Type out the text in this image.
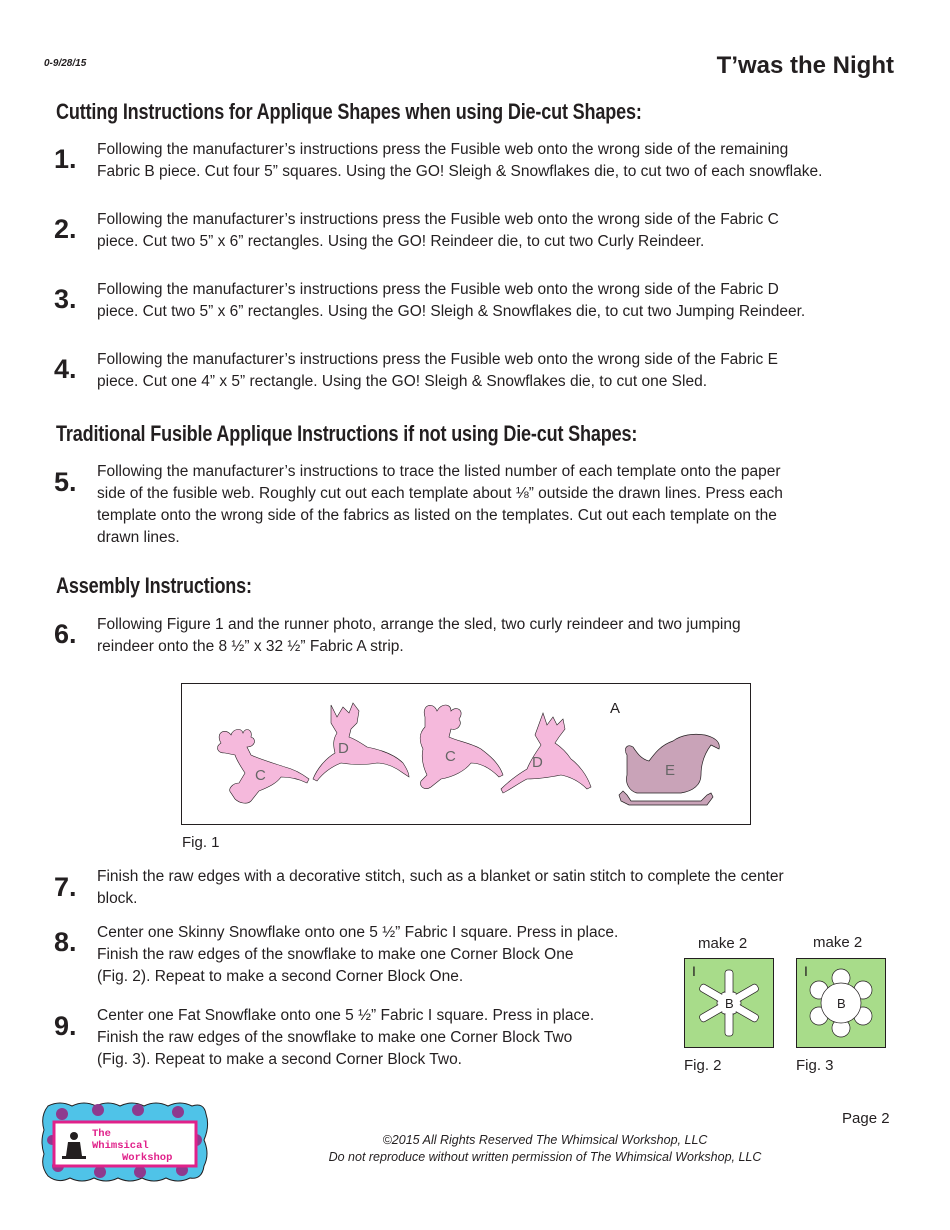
0-9/28/15	T’was the Night
Cutting Instructions for Applique Shapes when using Die-cut Shapes:
1. Following the manufacturer’s instructions press the Fusible web onto the wrong side of the remaining
Fabric B piece. Cut four 5” squares. Using the GO! Sleigh & Snowflakes die, to cut two of each snowflake.
2. Following the manufacturer’s instructions press the Fusible web onto the wrong side of the Fabric C
piece. Cut two 5” x 6” rectangles. Using the GO! Reindeer die, to cut two Curly Reindeer.
3. Following the manufacturer’s instructions press the Fusible web onto the wrong side of the Fabric D
piece. Cut two 5” x 6” rectangles. Using the GO! Sleigh & Snowflakes die, to cut two Jumping Reindeer.
4. Following the manufacturer’s instructions press the Fusible web onto the wrong side of the Fabric E
piece. Cut one 4” x 5” rectangle. Using the GO! Sleigh & Snowflakes die, to cut one Sled.
Traditional Fusible Applique Instructions if not using Die-cut Shapes:
5. Following the manufacturer’s instructions to trace the listed number of each template onto the paper
side of the fusible web. Roughly cut out each template about ⅛” outside the drawn lines. Press each
template onto the wrong side of the fabrics as listed on the templates. Cut out each template on the
drawn lines.
Assembly Instructions:
6. Following Figure 1 and the runner photo, arrange the sled, two curly reindeer and two jumping
reindeer onto the 8 ½” x 32 ½” Fabric A strip.
A
C
D	C	D	E
Fig. 1
7. Finish the raw edges with a decorative stitch, such as a blanket or satin stitch to complete the center
block.
8. Center one Skinny Snowflake onto one 5 ½” Fabric I square. Press in place.
Finish the raw edges of the snowflake to make one Corner Block One
(Fig. 2). Repeat to make a second Corner Block One.
9. Center one Fat Snowflake onto one 5 ½” Fabric I square. Press in place.
Finish the raw edges of the snowflake to make one Corner Block Two
(Fig. 3). Repeat to make a second Corner Block Two.
make 2
I
B
Fig. 2
make 2
I
B
Fig. 3
The
Whimsical
Workshop
Page 2
©2015 All Rights Reserved The Whimsical Workshop, LLC
Do not reproduce without written permission of The Whimsical Workshop, LLC
